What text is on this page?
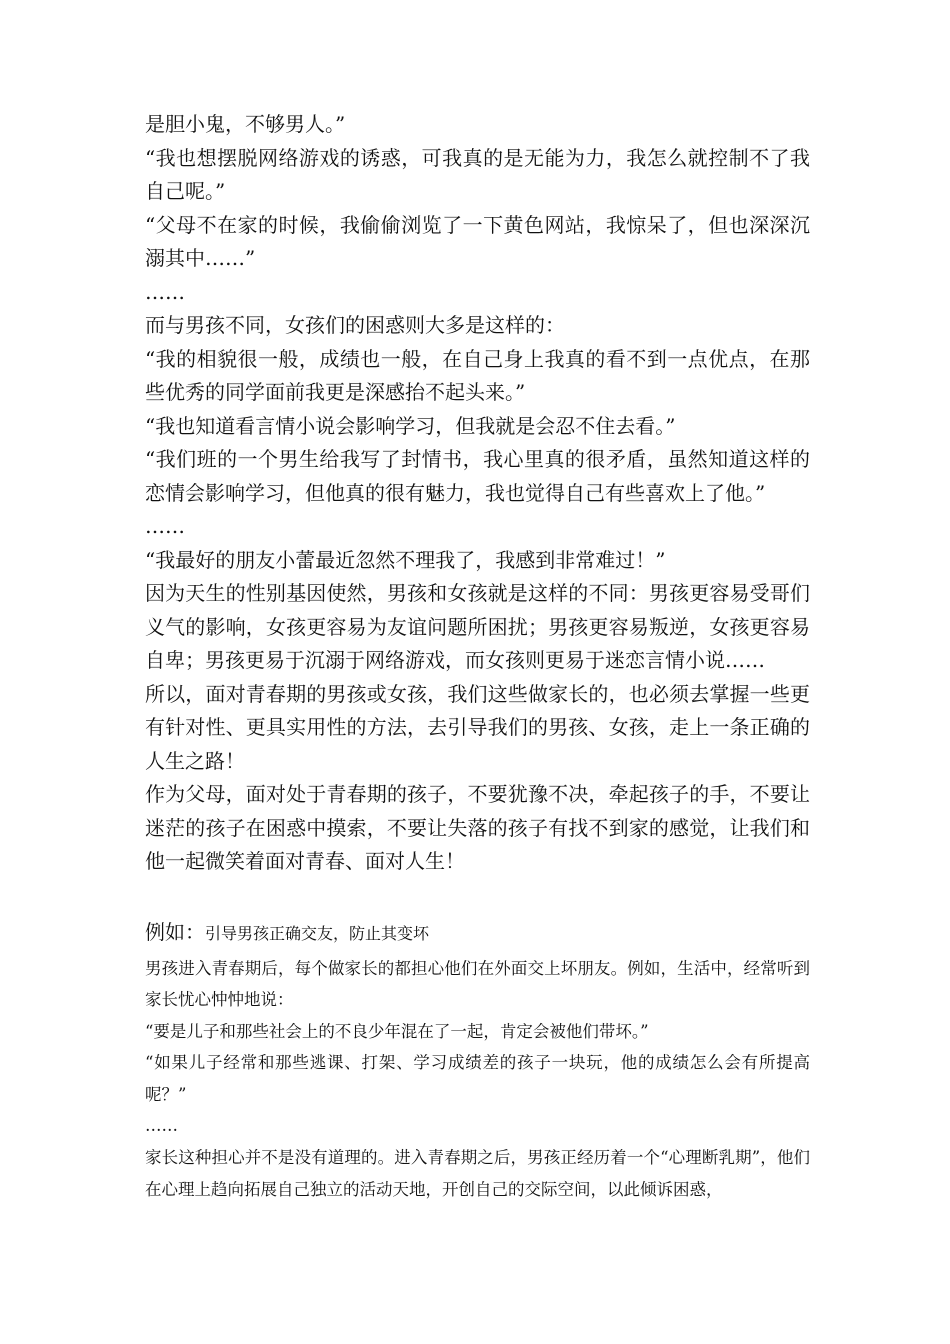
是胆小鬼，不够男人。”

“我也想摆脱网络游戏的诱惑，可我真的是无能为力，我怎么就控制不了我自己呢。”

“父母不在家的时候，我偷偷浏览了一下黄色网站，我惊呆了，但也深深沉溺其中……”

……

而与男孩不同，女孩们的困惑则大多是这样的：

“我的相貌很一般，成绩也一般，在自己身上我真的看不到一点优点，在那些优秀的同学面前我更是深感抬不起头来。”

“我也知道看言情小说会影响学习，但我就是会忍不住去看。”

“我们班的一个男生给我写了封情书，我心里真的很矛盾，虽然知道这样的恋情会影响学习，但他真的很有魅力，我也觉得自己有些喜欢上了他。”

……

“我最好的朋友小蕾最近忽然不理我了，我感到非常难过！”

因为天生的性别基因使然，男孩和女孩就是这样的不同：男孩更容易受哥们义气的影响，女孩更容易为友谊问题所困扰；男孩更容易叛逆，女孩更容易自卑；男孩更易于沉溺于网络游戏，而女孩则更易于迷恋言情小说……

所以，面对青春期的男孩或女孩，我们这些做家长的，也必须去掌握一些更有针对性、更具实用性的方法，去引导我们的男孩、女孩，走上一条正确的人生之路！

作为父母，面对处于青春期的孩子，不要犹豫不决，牵起孩子的手，不要让迷茫的孩子在困惑中摸索，不要让失落的孩子有找不到家的感觉，让我们和他一起微笑着面对青春、面对人生！

例如：引导男孩正确交友，防止其变坏

男孩进入青春期后，每个做家长的都担心他们在外面交上坏朋友。例如，生活中，经常听到家长忧心忡忡地说：

“要是儿子和那些社会上的不良少年混在了一起，肯定会被他们带坏。”

“如果儿子经常和那些逃课、打架、学习成绩差的孩子一块玩，他的成绩怎么会有所提高呢？”

……

家长这种担心并不是没有道理的。进入青春期之后，男孩正经历着一个“心理断乳期”，他们在心理上趋向拓展自己独立的活动天地，开创自己的交际空间，以此倾诉困惑，
